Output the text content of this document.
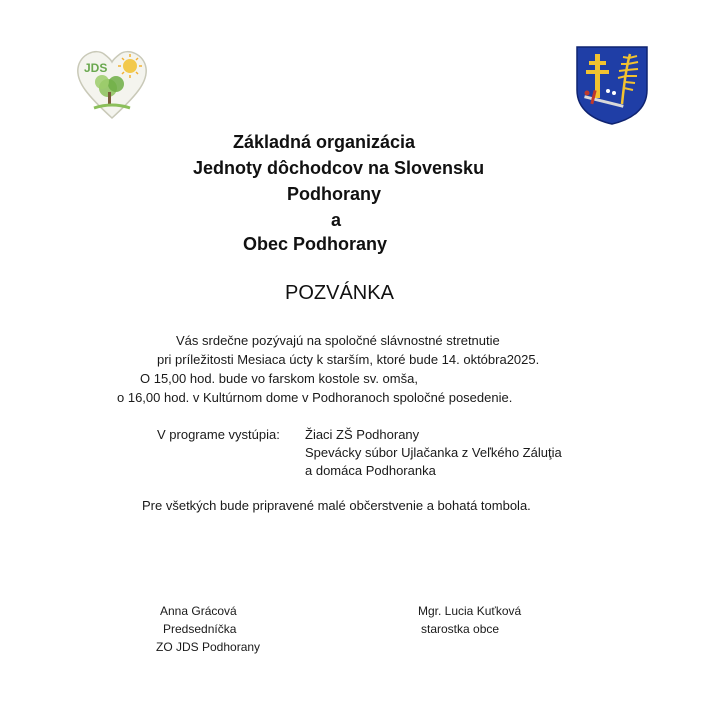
JDS
Základná organizácia
Jednoty dôchodcov na Slovensku
Podhorany
a
Obec Podhorany
POZVÁNKA
Vás srdečne pozývajú na spoločné slávnostné stretnutie
pri príležitosti Mesiaca úcty k starším, ktoré bude 14. októbra2025.
O 15,00 hod. bude vo farskom kostole sv. omša,
o 16,00 hod. v Kultúrnom dome v Podhoranoch spoločné posedenie.
V programe vystúpia: Žiaci ZŠ Podhorany
Spevácky súbor Ujlačanka z Veľkého Záluţia
a domáca Podhoranka
Pre všetkých bude pripravené malé občerstvenie a bohatá tombola.
Anna Grácová
Predsedníčka
ZO JDS Podhorany
Mgr. Lucia Kuťková
starostka obce
